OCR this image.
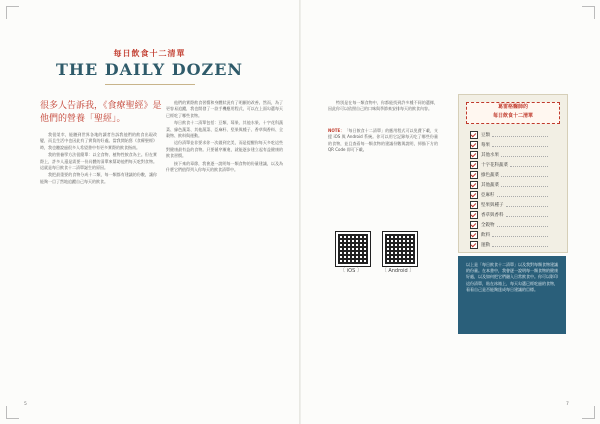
每日飲食十二清單
THE DAILY DOZEN
很多人告訴我，《食療聖經》是他們的營養「聖經」。

我很榮幸，能聽到世界各地的讀者告訴我他們的飲食出現改變，而且生活中也因此有了實質的好處。當我開始寫《食療聖經》時，我也聽說過很多人希望書中有更多實際的飲食指南。

我的營養學方法很簡單：以全食物、植物性飲食為主。但在實際上，許多人還是需要一份具體的清單來幫助他們每天吃對食物。這就是每日飲食十二清單誕生的原因。

我把最重要的食物分成十二類，每一類都有建議的份數，讓你能夠一目了然地追蹤自己每天的飲食。

他們的實際飲食習慣和身體狀況有了明顯的改善。然而，為了更容易追蹤，我也開發了一款手機應用程式，可以在上面勾選每天已經吃了哪些食物。

每日飲食十二清單包括：豆類、莓果、其他水果、十字花科蔬菜、綠色蔬菜、其他蔬菜、亞麻籽、堅果與種子、香草與香料、全穀物、飲料與運動。

這份清單並非要求你一次做到完美，而是提醒你每天多吃這些對健康最有益的食物。只要循序漸進，就能逐步建立起有益健康的飲食習慣。

接下來的章節，我會逐一說明每一類食物的份量建議，以及為什麼它們值得列入你每天的飲食清單中。

5

特別是在每一類食物中，你都能找到許多種不同的選擇，因此你可以依照自己的口味與季節來安排每天的飲食內容。

NOTE：「每日飲食十二清單」的應用程式可以免費下載，支援 iOS 與 Android 系統。你可以用它記錄每天吃了哪些份量的食物，並且查看每一類食物的建議份數與說明，掃描下方的 QR Code 即可下載。
〔 iOS 〕	〔 Android 〕
葛雷格醫師的
每日飲食十二清單
豆類
莓果
其他水果
十字花科蔬菜
綠色蔬菜
其他蔬菜
亞麻籽
堅果與種子
香草與香料
全穀物
飲料
運動
以上是「每日飲食十二清單」以及我對每類食物建議的份量。在本書中，我會逐一說明每一類食物的健康好處，以及如何把它們融入日常飲食中。你可以影印這份清單，貼在冰箱上，每天勾選已經吃過的食物，看看自己是否能夠達成每日建議的目標。
7
